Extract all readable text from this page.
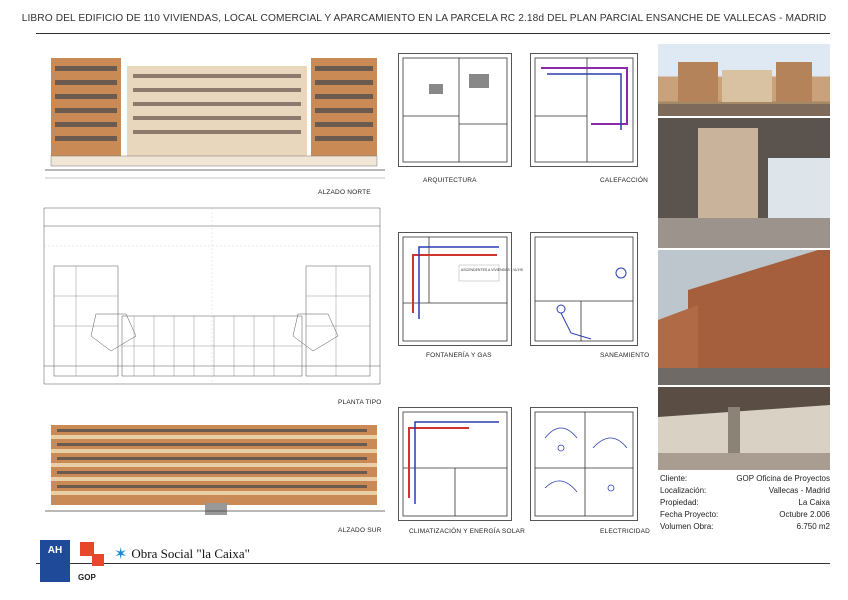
LIBRO DEL EDIFICIO DE 110 VIVIENDAS, LOCAL COMERCIAL Y APARCAMIENTO EN LA PARCELA RC 2.18d DEL PLAN PARCIAL ENSANCHE DE VALLECAS - MADRID
ALZADO NORTE
PLANTA TIPO
ALZADO SUR
ARQUITECTURA
ASCENDENTES A VIVIENDAS 1ºA/1ºB
FONTANERÍA Y GAS
CLIMATIZACIÓN Y ENERGÍA SOLAR
CALEFACCIÓN
SANEAMIENTO
ELECTRICIDAD
Cliente:	GOP Oficina de Proyectos
Localización:	Vallecas - Madrid
Propiedad:	La Caixa
Fecha Proyecto:	Octubre 2.006
Volumen Obra:	6.750 m2
AH
GOP
✶ Obra Social "la Caixa"
